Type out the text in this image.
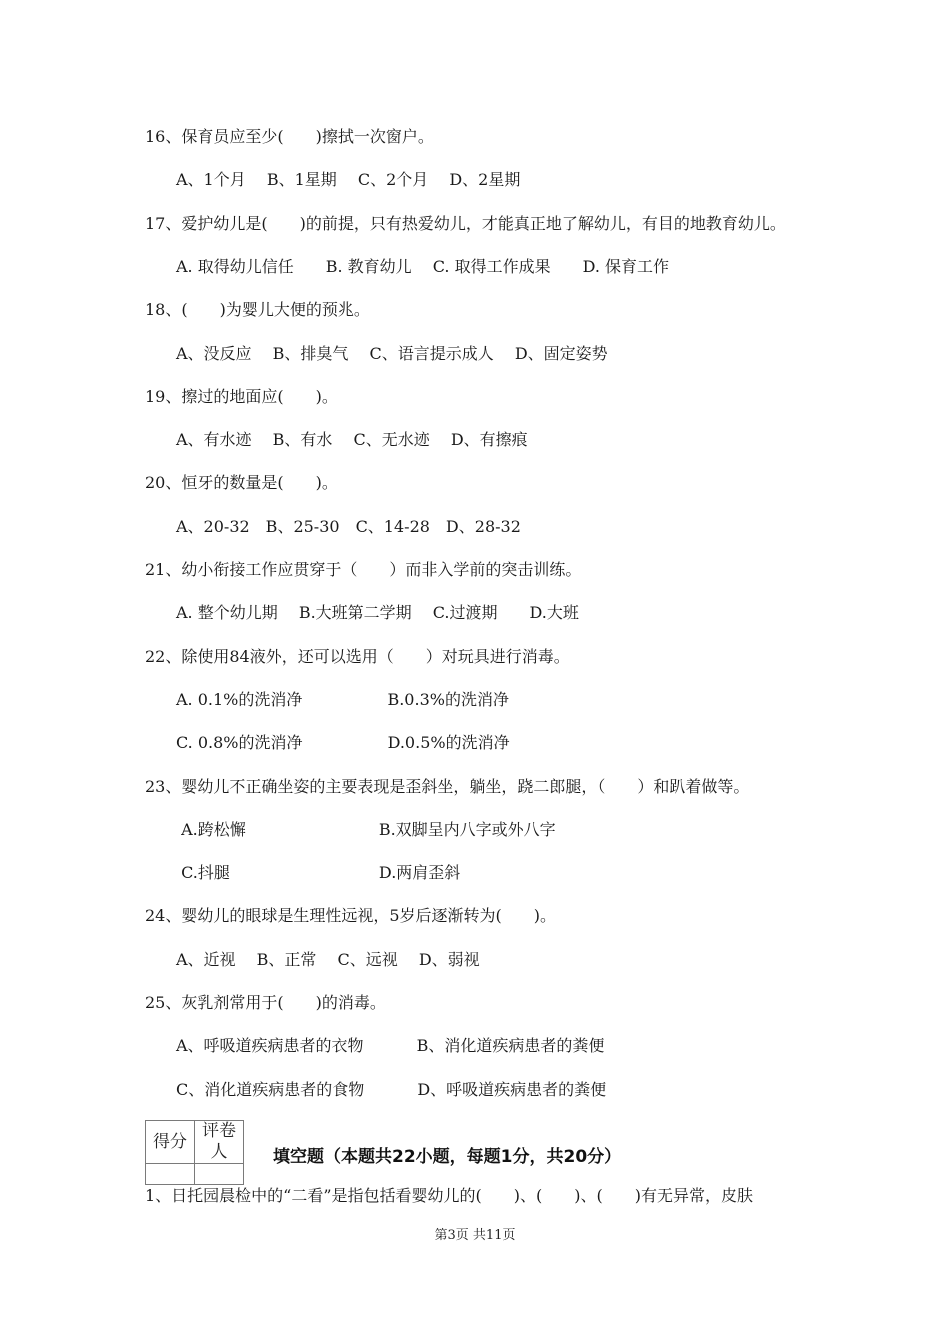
16、保育员应至少(　　)擦拭一次窗户。
A、1个月　 B、1星期　 C、2个月　 D、2星期
17、爱护幼儿是(　　)的前提，只有热爱幼儿，才能真正地了解幼儿，有目的地教育幼儿。
A. 取得幼儿信任　　B. 教育幼儿　 C. 取得工作成果　　D. 保育工作
18、(　　)为婴儿大便的预兆。
A、没反应　 B、排臭气　 C、语言提示成人　 D、固定姿势
19、擦过的地面应(　　)。
A、有水迹　 B、有水　 C、无水迹　 D、有擦痕
20、恒牙的数量是(　　)。
A、20-32　B、25-30　C、14-28　D、28-32
21、幼小衔接工作应贯穿于（　　）而非入学前的突击训练。
A. 整个幼儿期　 B.大班第二学期　 C.过渡期　　D.大班
22、除使用84液外，还可以选用（　　）对玩具进行消毒。
A. 0.1%的洗消净　　　　　 B.0.3%的洗消净
C. 0.8%的洗消净　　　　　 D.0.5%的洗消净
23、婴幼儿不正确坐姿的主要表现是歪斜坐，躺坐，跷二郎腿，（　　）和趴着做等。
A.跨松懈　　　　　　　　 B.双脚呈内八字或外八字
C.抖腿　　　　　　　　　 D.两肩歪斜
24、婴幼儿的眼球是生理性远视，5岁后逐渐转为(　　)。
A、近视　 B、正常　 C、远视　 D、弱视
25、灰乳剂常用于(　　)的消毒。
A、呼吸道疾病患者的衣物　　　 B、消化道疾病患者的粪便
C、消化道疾病患者的食物　　　 D、呼吸道疾病患者的粪便
得分	评卷人
		填空题（本题共22小题，每题1分，共20分）
1、日托园晨检中的“二看”是指包括看婴幼儿的(　　)、(　　)、(　　)有无异常，皮肤
第3页 共11页
